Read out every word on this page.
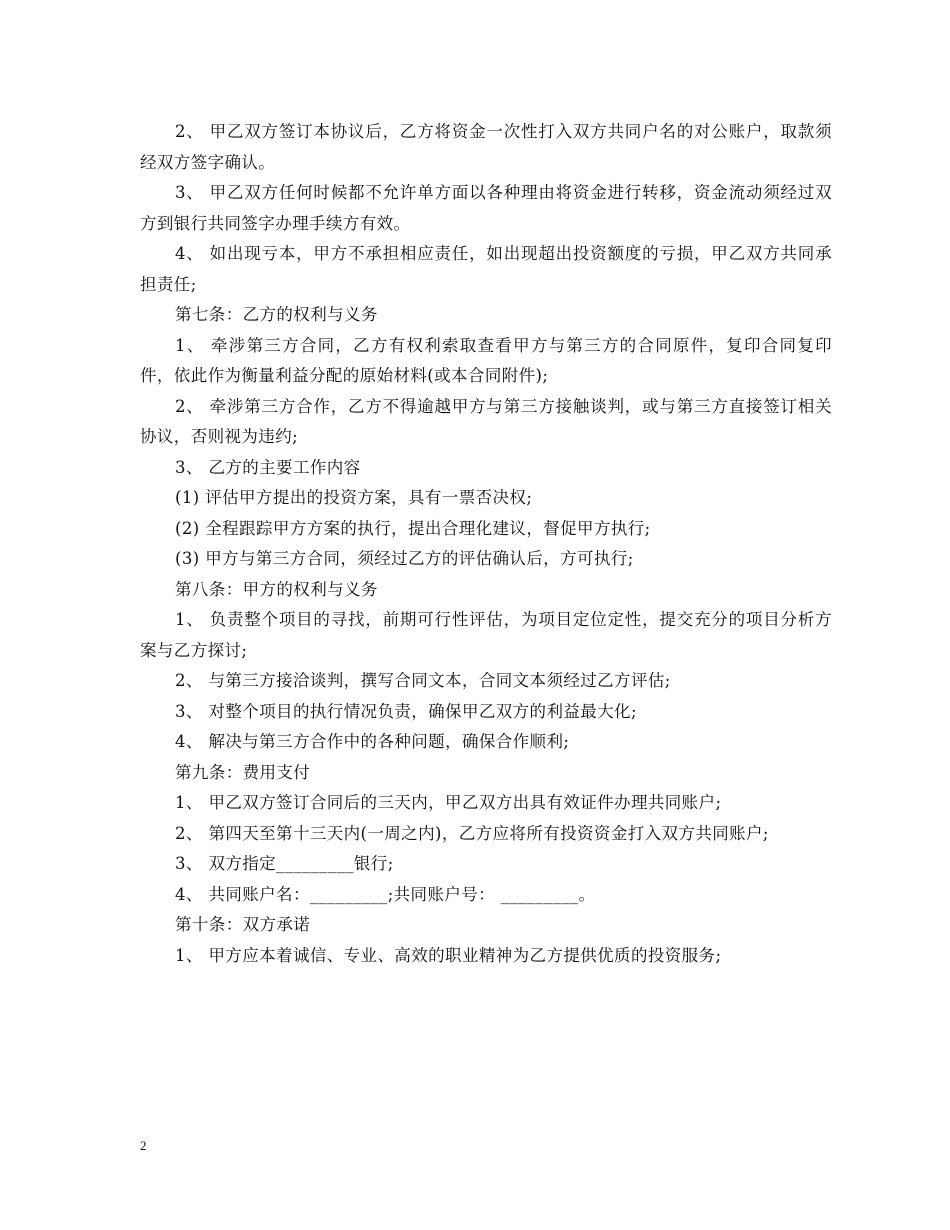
2、 甲乙双方签订本协议后，乙方将资金一次性打入双方共同户名的对公账户，取款须经双方签字确认。

3、 甲乙双方任何时候都不允许单方面以各种理由将资金进行转移，资金流动须经过双方到银行共同签字办理手续方有效。

4、 如出现亏本，甲方不承担相应责任，如出现超出投资额度的亏损，甲乙双方共同承担责任;

第七条：乙方的权利与义务

1、 牵涉第三方合同，乙方有权利索取查看甲方与第三方的合同原件，复印合同复印件，依此作为衡量利益分配的原始材料(或本合同附件);

2、 牵涉第三方合作，乙方不得逾越甲方与第三方接触谈判，或与第三方直接签订相关协议，否则视为违约;

3、 乙方的主要工作内容

(1) 评估甲方提出的投资方案，具有一票否决权;

(2) 全程跟踪甲方方案的执行，提出合理化建议，督促甲方执行;

(3) 甲方与第三方合同，须经过乙方的评估确认后，方可执行;

第八条：甲方的权利与义务

1、 负责整个项目的寻找，前期可行性评估，为项目定位定性，提交充分的项目分析方案与乙方探讨;

2、 与第三方接洽谈判，撰写合同文本，合同文本须经过乙方评估;

3、 对整个项目的执行情况负责，确保甲乙双方的利益最大化;

4、 解决与第三方合作中的各种问题，确保合作顺利;

第九条：费用支付

1、 甲乙双方签订合同后的三天内，甲乙双方出具有效证件办理共同账户;

2、 第四天至第十三天内(一周之内)，乙方应将所有投资资金打入双方共同账户;

3、 双方指定_________银行;

4、 共同账户名：_________;共同账户号： _________。

第十条：双方承诺

1、 甲方应本着诚信、专业、高效的职业精神为乙方提供优质的投资服务;

2
